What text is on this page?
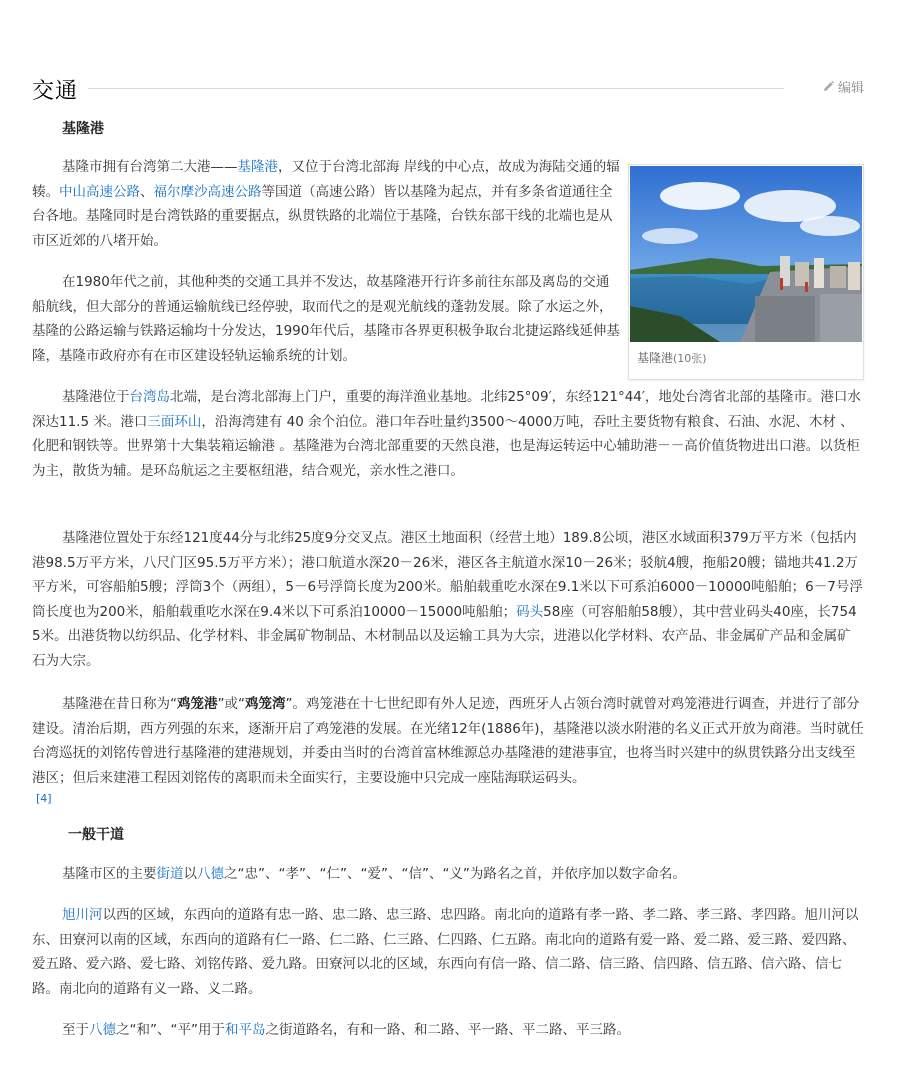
交通	编辑
基隆港

基隆市拥有台湾第二大港——基隆港，又位于台湾北部海 岸线的中心点，故成为海陆交通的辐辏。中山高速公路、福尔摩沙高速公路等国道（高速公路）皆以基隆为起点，并有多条省道通往全台各地。基隆同时是台湾铁路的重要据点，纵贯铁路的北端位于基隆，台铁东部干线的北端也是从市区近郊的八堵开始。

在1980年代之前，其他种类的交通工具并不发达，故基隆港开行许多前往东部及离岛的交通船航线，但大部分的普通运输航线已经停驶，取而代之的是观光航线的蓬勃发展。除了水运之外，基隆的公路运输与铁路运输均十分发达，1990年代后，基隆市各界更积极争取台北捷运路线延伸基隆，基隆市政府亦有在市区建设轻轨运输系统的计划。	基隆港(10张)

基隆港位于台湾岛北端，是台湾北部海上门户，重要的海洋渔业基地。北纬25°09′，东经121°44′，地处台湾省北部的基隆市。港口水深达11.5 米。港口三面环山，沿海湾建有 40 余个泊位。港口年吞吐量约3500～4000万吨，吞吐主要货物有粮食、石油、水泥、木材 、化肥和钢铁等。世界第十大集装箱运输港 。基隆港为台湾北部重要的天然良港，也是海运转运中心辅助港－－高价值货物进出口港。以货柜为主，散货为辅。是环岛航运之主要枢纽港，结合观光，亲水性之港口。

基隆港位置处于东经121度44分与北纬25度9分交叉点。港区土地面积（经营土地）189.8公顷，港区水域面积379万平方米（包括内港98.5万平方米，八尺门区95.5万平方米）；港口航道水深20－26米，港区各主航道水深10－26米；驳航4艘，拖船20艘；锚地共41.2万平方米，可容船舶5艘；浮筒3个（两组），5－6号浮筒长度为200米。船舶载重吃水深在9.1米以下可系泊6000－10000吨船舶；6－7号浮筒长度也为200米，船舶载重吃水深在9.4米以下可系泊10000－15000吨船舶；码头58座（可容船舶58艘），其中营业码头40座，长7545米。出港货物以纺织品、化学材料、非金属矿物制品、木材制品以及运输工具为大宗，进港以化学材料、农产品、非金属矿产品和金属矿石为大宗。

基隆港在昔日称为“鸡笼港”或“鸡笼湾”。鸡笼港在十七世纪即有外人足迹，西班牙人占领台湾时就曾对鸡笼港进行调查，并进行了部分建设。清治后期，西方列强的东来，逐渐开启了鸡笼港的发展。在光绪12年(1886年)，基隆港以淡水附港的名义正式开放为商港。当时就任台湾巡抚的刘铭传曾进行基隆港的建港规划，并委由当时的台湾首富林维源总办基隆港的建港事宜，也将当时兴建中的纵贯铁路分出支线至港区；但后来建港工程因刘铭传的离职而未全面实行，主要设施中只完成一座陆海联运码头。

[4]
一般干道

基隆市区的主要街道以八德之“忠”、“孝”、“仁”、“爱”、“信”、“义”为路名之首，并依序加以数字命名。

旭川河以西的区域，东西向的道路有忠一路、忠二路、忠三路、忠四路。南北向的道路有孝一路、孝二路、孝三路、孝四路。旭川河以东、田寮河以南的区域，东西向的道路有仁一路、仁二路、仁三路、仁四路、仁五路。南北向的道路有爱一路、爱二路、爱三路、爱四路、爱五路、爱六路、爱七路、刘铭传路、爱九路。田寮河以北的区域，东西向有信一路、信二路、信三路、信四路、信五路、信六路、信七路。南北向的道路有义一路、义二路。

至于八德之“和”、“平”用于和平岛之街道路名，有和一路、和二路、平一路、平二路、平三路。
